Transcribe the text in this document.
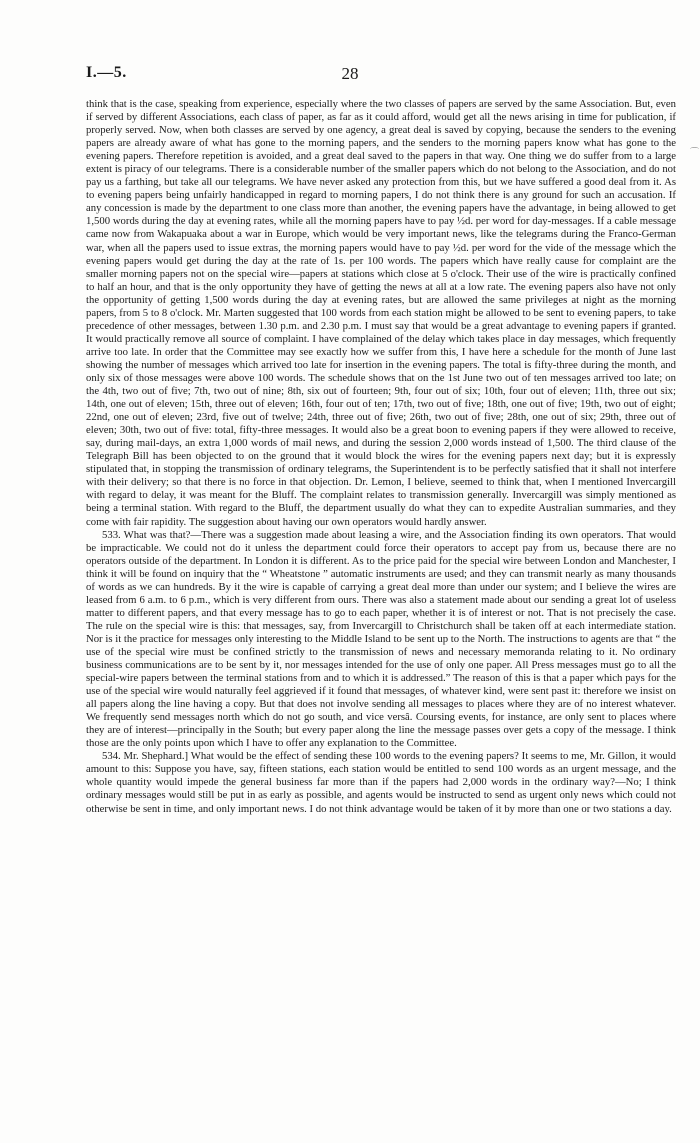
I.—5.	28
⌒

think that is the case, speaking from experience, especially where the two classes of papers are served by the same Association. But, even if served by different Associations, each class of paper, as far as it could afford, would get all the news arising in time for publication, if properly served. Now, when both classes are served by one agency, a great deal is saved by copying, because the senders to the evening papers are already aware of what has gone to the morning papers, and the senders to the morning papers know what has gone to the evening papers. Therefore repetition is avoided, and a great deal saved to the papers in that way. One thing we do suffer from to a large extent is piracy of our telegrams. There is a considerable number of the smaller papers which do not belong to the Association, and do not pay us a farthing, but take all our telegrams. We have never asked any protection from this, but we have suffered a good deal from it. As to evening papers being unfairly handicapped in regard to morning papers, I do not think there is any ground for such an accusation. If any concession is made by the department to one class more than another, the evening papers have the advantage, in being allowed to get 1,500 words during the day at evening rates, while all the morning papers have to pay ½d. per word for day-messages. If a cable message came now from Wakapuaka about a war in Europe, which would be very important news, like the telegrams during the Franco-German war, when all the papers used to issue extras, the morning papers would have to pay ½d. per word for the vide of the message which the evening papers would get during the day at the rate of 1s. per 100 words. The papers which have really cause for complaint are the smaller morning papers not on the special wire—papers at stations which close at 5 o'clock. Their use of the wire is practically confined to half an hour, and that is the only opportunity they have of getting the news at all at a low rate. The evening papers also have not only the opportunity of getting 1,500 words during the day at evening rates, but are allowed the same privileges at night as the morning papers, from 5 to 8 o'clock. Mr. Marten suggested that 100 words from each station might be allowed to be sent to evening papers, to take precedence of other messages, between 1.30 p.m. and 2.30 p.m. I must say that would be a great advantage to evening papers if granted. It would practically remove all source of complaint. I have complained of the delay which takes place in day messages, which frequently arrive too late. In order that the Committee may see exactly how we suffer from this, I have here a schedule for the month of June last showing the number of messages which arrived too late for insertion in the evening papers. The total is fifty-three during the month, and only six of those messages were above 100 words. The schedule shows that on the 1st June two out of ten messages arrived too late; on the 4th, two out of five; 7th, two out of nine; 8th, six out of fourteen; 9th, four out of six; 10th, four out of eleven; 11th, three out six; 14th, one out of eleven; 15th, three out of eleven; 16th, four out of ten; 17th, two out of five; 18th, one out of five; 19th, two out of eight; 22nd, one out of eleven; 23rd, five out of twelve; 24th, three out of five; 26th, two out of five; 28th, one out of six; 29th, three out of eleven; 30th, two out of five: total, fifty-three messages. It would also be a great boon to evening papers if they were allowed to receive, say, during mail-days, an extra 1,000 words of mail news, and during the session 2,000 words instead of 1,500. The third clause of the Telegraph Bill has been objected to on the ground that it would block the wires for the evening papers next day; but it is expressly stipulated that, in stopping the transmission of ordinary telegrams, the Superintendent is to be perfectly satisfied that it shall not interfere with their delivery; so that there is no force in that objection. Dr. Lemon, I believe, seemed to think that, when I mentioned Invercargill with regard to delay, it was meant for the Bluff. The complaint relates to transmission generally. Invercargill was simply mentioned as being a terminal station. With regard to the Bluff, the department usually do what they can to expedite Australian summaries, and they come with fair rapidity. The suggestion about having our own operators would hardly answer.

533. What was that?—There was a suggestion made about leasing a wire, and the Association finding its own operators. That would be impracticable. We could not do it unless the department could force their operators to accept pay from us, because there are no operators outside of the department. In London it is different. As to the price paid for the special wire between London and Manchester, I think it will be found on inquiry that the “ Wheatstone ” automatic instruments are used; and they can transmit nearly as many thousands of words as we can hundreds. By it the wire is capable of carrying a great deal more than under our system; and I believe the wires are leased from 6 a.m. to 6 p.m., which is very different from ours. There was also a statement made about our sending a great lot of useless matter to different papers, and that every message has to go to each paper, whether it is of interest or not. That is not precisely the case. The rule on the special wire is this: that messages, say, from Invercargill to Christchurch shall be taken off at each intermediate station. Nor is it the practice for messages only interesting to the Middle Island to be sent up to the North. The instructions to agents are that “ the use of the special wire must be confined strictly to the transmission of news and necessary memoranda relating to it. No ordinary business communications are to be sent by it, nor messages intended for the use of only one paper. All Press messages must go to all the special-wire papers between the terminal stations from and to which it is addressed.” The reason of this is that a paper which pays for the use of the special wire would naturally feel aggrieved if it found that messages, of whatever kind, were sent past it: therefore we insist on all papers along the line having a copy. But that does not involve sending all messages to places where they are of no interest whatever. We frequently send messages north which do not go south, and vice versâ. Coursing events, for instance, are only sent to places where they are of interest—principally in the South; but every paper along the line the message passes over gets a copy of the message. I think those are the only points upon which I have to offer any explanation to the Committee.

534. Mr. Shephard.] What would be the effect of sending these 100 words to the evening papers? It seems to me, Mr. Gillon, it would amount to this: Suppose you have, say, fifteen stations, each station would be entitled to send 100 words as an urgent message, and the whole quantity would impede the general business far more than if the papers had 2,000 words in the ordinary way?—No; I think ordinary messages would still be put in as early as possible, and agents would be instructed to send as urgent only news which could not otherwise be sent in time, and only important news. I do not think advantage would be taken of it by more than one or two stations a day.
